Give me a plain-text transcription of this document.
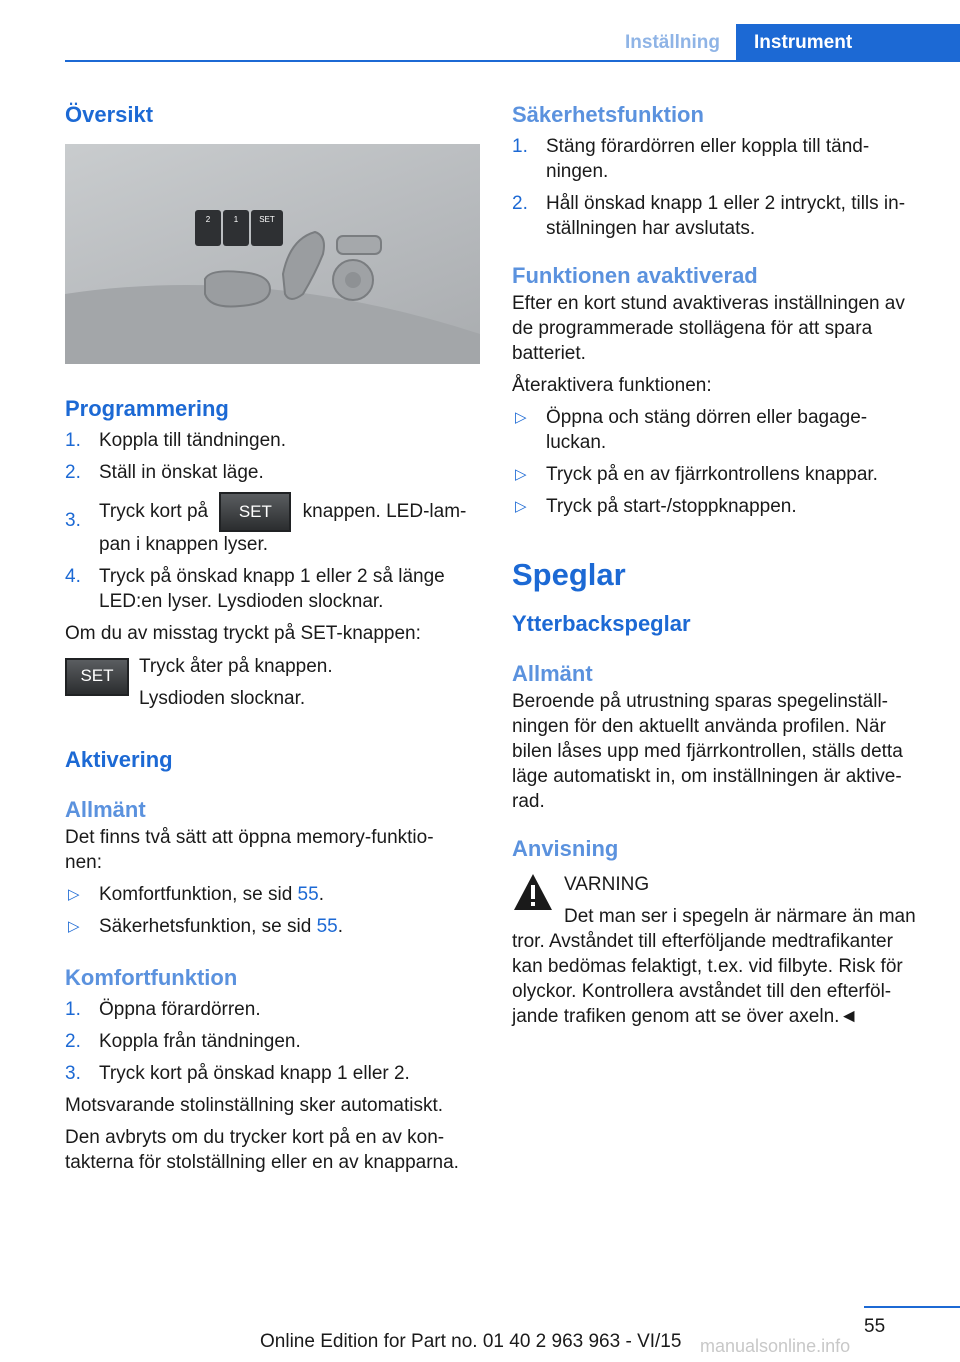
Inställning	Instrument
Översikt
2	1	SET
Programmering
1. Koppla till tändningen.
2. Ställ in önskat läge.
3. Tryck kort på SET knappen. LED-lam‐
pan i knappen lyser.
4. Tryck på önskad knapp 1 eller 2 så länge
LED:en lyser. Lysdioden slocknar.

Om du av misstag tryckt på SET-knappen:

SET	Tryck åter på knappen.

Lysdioden slocknar.

Aktivering
Allmänt

Det finns två sätt att öppna memory-funktio‐
nen:

▷ Komfortfunktion, se sid 55.
▷ Säkerhetsfunktion, se sid 55.
Komfortfunktion
1. Öppna förardörren.
2. Koppla från tändningen.
3. Tryck kort på önskad knapp 1 eller 2.

Motsvarande stolinställning sker automatiskt.

Den avbryts om du trycker kort på en av kon‐
takterna för stolställning eller en av knapparna.

Säkerhetsfunktion
1. Stäng förardörren eller koppla till tänd‐
ningen.
2. Håll önskad knapp 1 eller 2 intryckt, tills in‐
ställningen har avslutats.
Funktionen avaktiverad

Efter en kort stund avaktiveras inställningen av
de programmerade stollägena för att spara
batteriet.

Återaktivera funktionen:

▷ Öppna och stäng dörren eller bagage‐
luckan.
▷ Tryck på en av fjärrkontrollens knappar.
▷ Tryck på start-/stoppknappen.
Speglar
Ytterbackspeglar
Allmänt

Beroende på utrustning sparas spegelinställ‐
ningen för den aktuellt använda profilen. När
bilen låses upp med fjärrkontrollen, ställs detta
läge automatiskt in, om inställningen är aktive‐
rad.

Anvisning

VARNING

Det man ser i spegeln är närmare än man

tror. Avståndet till efterföljande medtrafikanter
kan bedömas felaktigt, t.ex. vid filbyte. Risk för
olyckor. Kontrollera avståndet till den efterföl‐
jande trafiken genom att se över axeln.◄

55
Online Edition for Part no. 01 40 2 963 963 - VI/15 manualsonline.info
